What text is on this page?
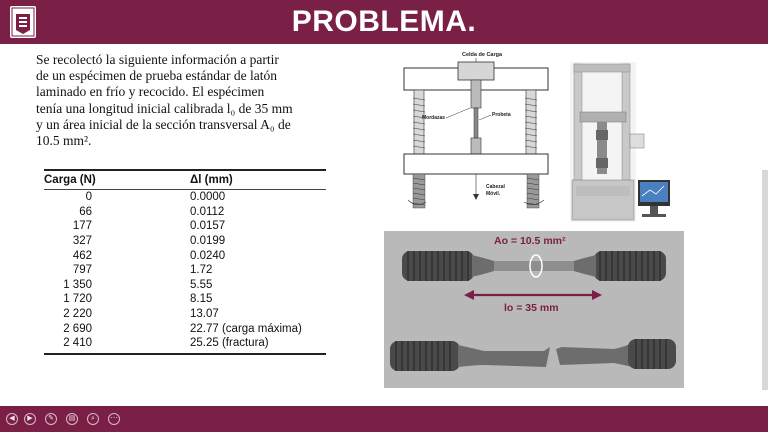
PROBLEMA.
Se recolectó la siguiente información a partir
de un espécimen de prueba estándar de latón
laminado en frío y recocido. El espécimen
tenía una longitud inicial calibrada l₀ de 35 mm
y un área inicial de la sección transversal A₀ de
10.5 mm².
Carga (N)	Δl (mm)
0	0.0000
66	0.0112
177	0.0157
327	0.0199
462	0.0240
797	1.72
1 350	5.55
1 720	8.15
2 220	13.07
2 690	22.77 (carga máxima)
2 410	25.25 (fractura)
Celda de Carga
Mordazas	Probeta
Cabezal
Móvil.
Ao = 10.5 mm²
lo = 35 mm
◀	▶	✎	▤	⌕	⋯
